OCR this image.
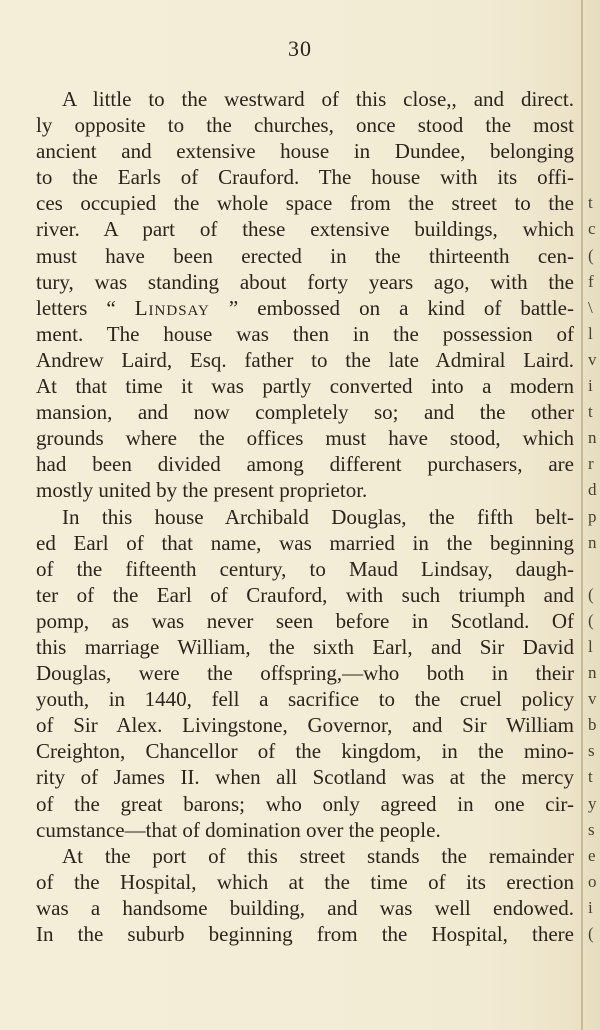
30
A little to the westward of this close,, and direct.
ly opposite to the churches, once stood the most
ancient and extensive house in Dundee, belonging
to the Earls of Crauford. The house with its offi-
ces occupied the whole space from the street to the
river. A part of these extensive buildings, which
must have been erected in the thirteenth cen-
tury, was standing about forty years ago, with the
letters “ Lindsay ” embossed on a kind of battle-
ment. The house was then in the possession of
Andrew Laird, Esq. father to the late Admiral Laird.
At that time it was partly converted into a modern
mansion, and now completely so; and the other
grounds where the offices must have stood, which
had been divided among different purchasers, are
mostly united by the present proprietor.
In this house Archibald Douglas, the fifth belt-
ed Earl of that name, was married in the beginning
of the fifteenth century, to Maud Lindsay, daugh-
ter of the Earl of Crauford, with such triumph and
pomp, as was never seen before in Scotland. Of
this marriage William, the sixth Earl, and Sir David
Douglas, were the offspring,—who both in their
youth, in 1440, fell a sacrifice to the cruel policy
of Sir Alex. Livingstone, Governor, and Sir William
Creighton, Chancellor of the kingdom, in the mino-
rity of James II. when all Scotland was at the mercy
of the great barons; who only agreed in one cir-
cumstance—that of domination over the people.
At the port of this street stands the remainder
of the Hospital, which at the time of its erection
was a handsome building, and was well endowed.
In the suburb beginning from the Hospital, there
t
c
(
f
\
l
v
i
t
n
r
d
p
n
(
(
l
n
v
b
s
t
y
s
e
o
i
(
